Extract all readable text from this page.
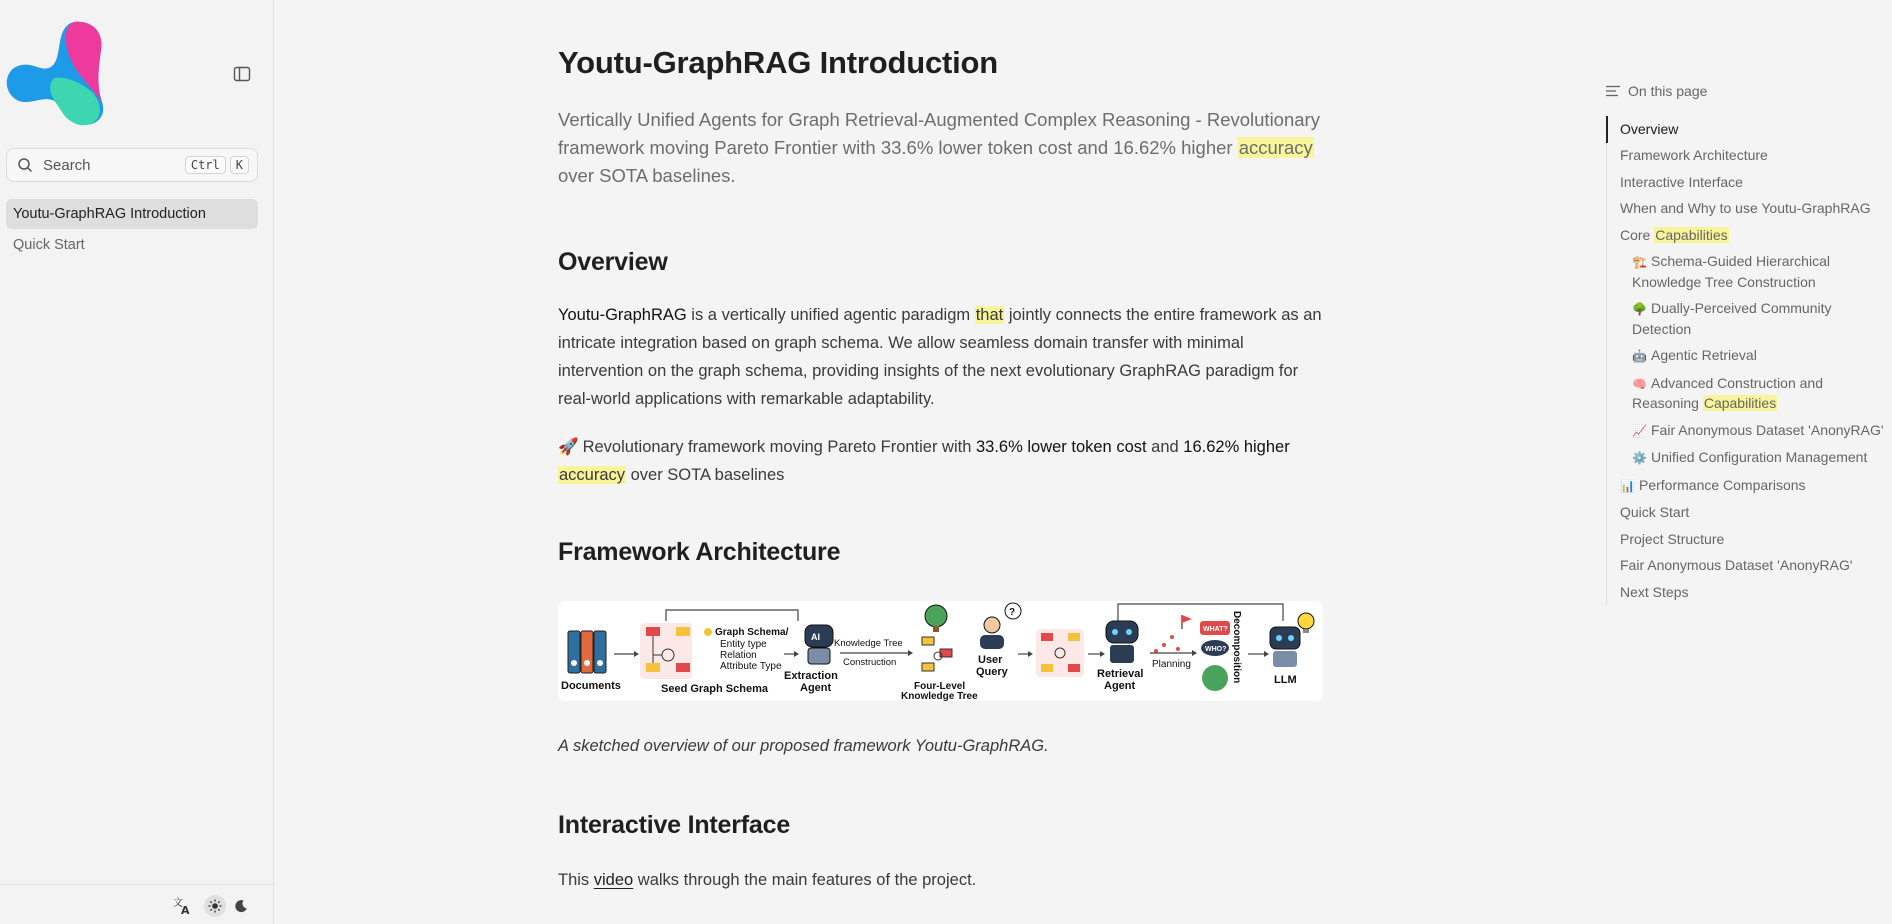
Search	Ctrl	K
Youtu-GraphRAG Introduction
Quick Start
文
A
Youtu-GraphRAG Introduction

Vertically Unified Agents for Graph Retrieval-Augmented Complex Reasoning - Revolutionary framework moving Pareto Frontier with 33.6% lower token cost and 16.62% higher accuracy over SOTA baselines.

Overview

Youtu-GraphRAG is a vertically unified agentic paradigm that jointly connects the entire framework as an intricate integration based on graph schema. We allow seamless domain transfer with minimal intervention on the graph schema, providing insights of the next evolutionary GraphRAG paradigm for real-world applications with remarkable adaptability.

🚀 Revolutionary framework moving Pareto Frontier with 33.6% lower token cost and 16.62% higher accuracy over SOTA baselines

Framework Architecture
Documents
Graph Schema/
Entity type
Relation
Attribute Type
Seed Graph Schema
AI
Extraction
Agent
Knowledge Tree
Construction
Four-Level
Knowledge Tree
?
User
Query	Retrieval
Agent
Planning
WHAT?
WHO? Decomposition	LLM

A sketched overview of our proposed framework Youtu-GraphRAG.

Interactive Interface

This video walks through the main features of the project.

On this page
Overview
Framework Architecture
Interactive Interface
When and Why to use Youtu-GraphRAG
Core Capabilities
🏗️ Schema-Guided Hierarchical Knowledge Tree Construction
🌳 Dually-Perceived Community Detection
🤖 Agentic Retrieval
🧠 Advanced Construction and Reasoning Capabilities
📈 Fair Anonymous Dataset 'AnonyRAG'
⚙️ Unified Configuration Management
📊 Performance Comparisons
Quick Start
Project Structure
Fair Anonymous Dataset 'AnonyRAG'
Next Steps
